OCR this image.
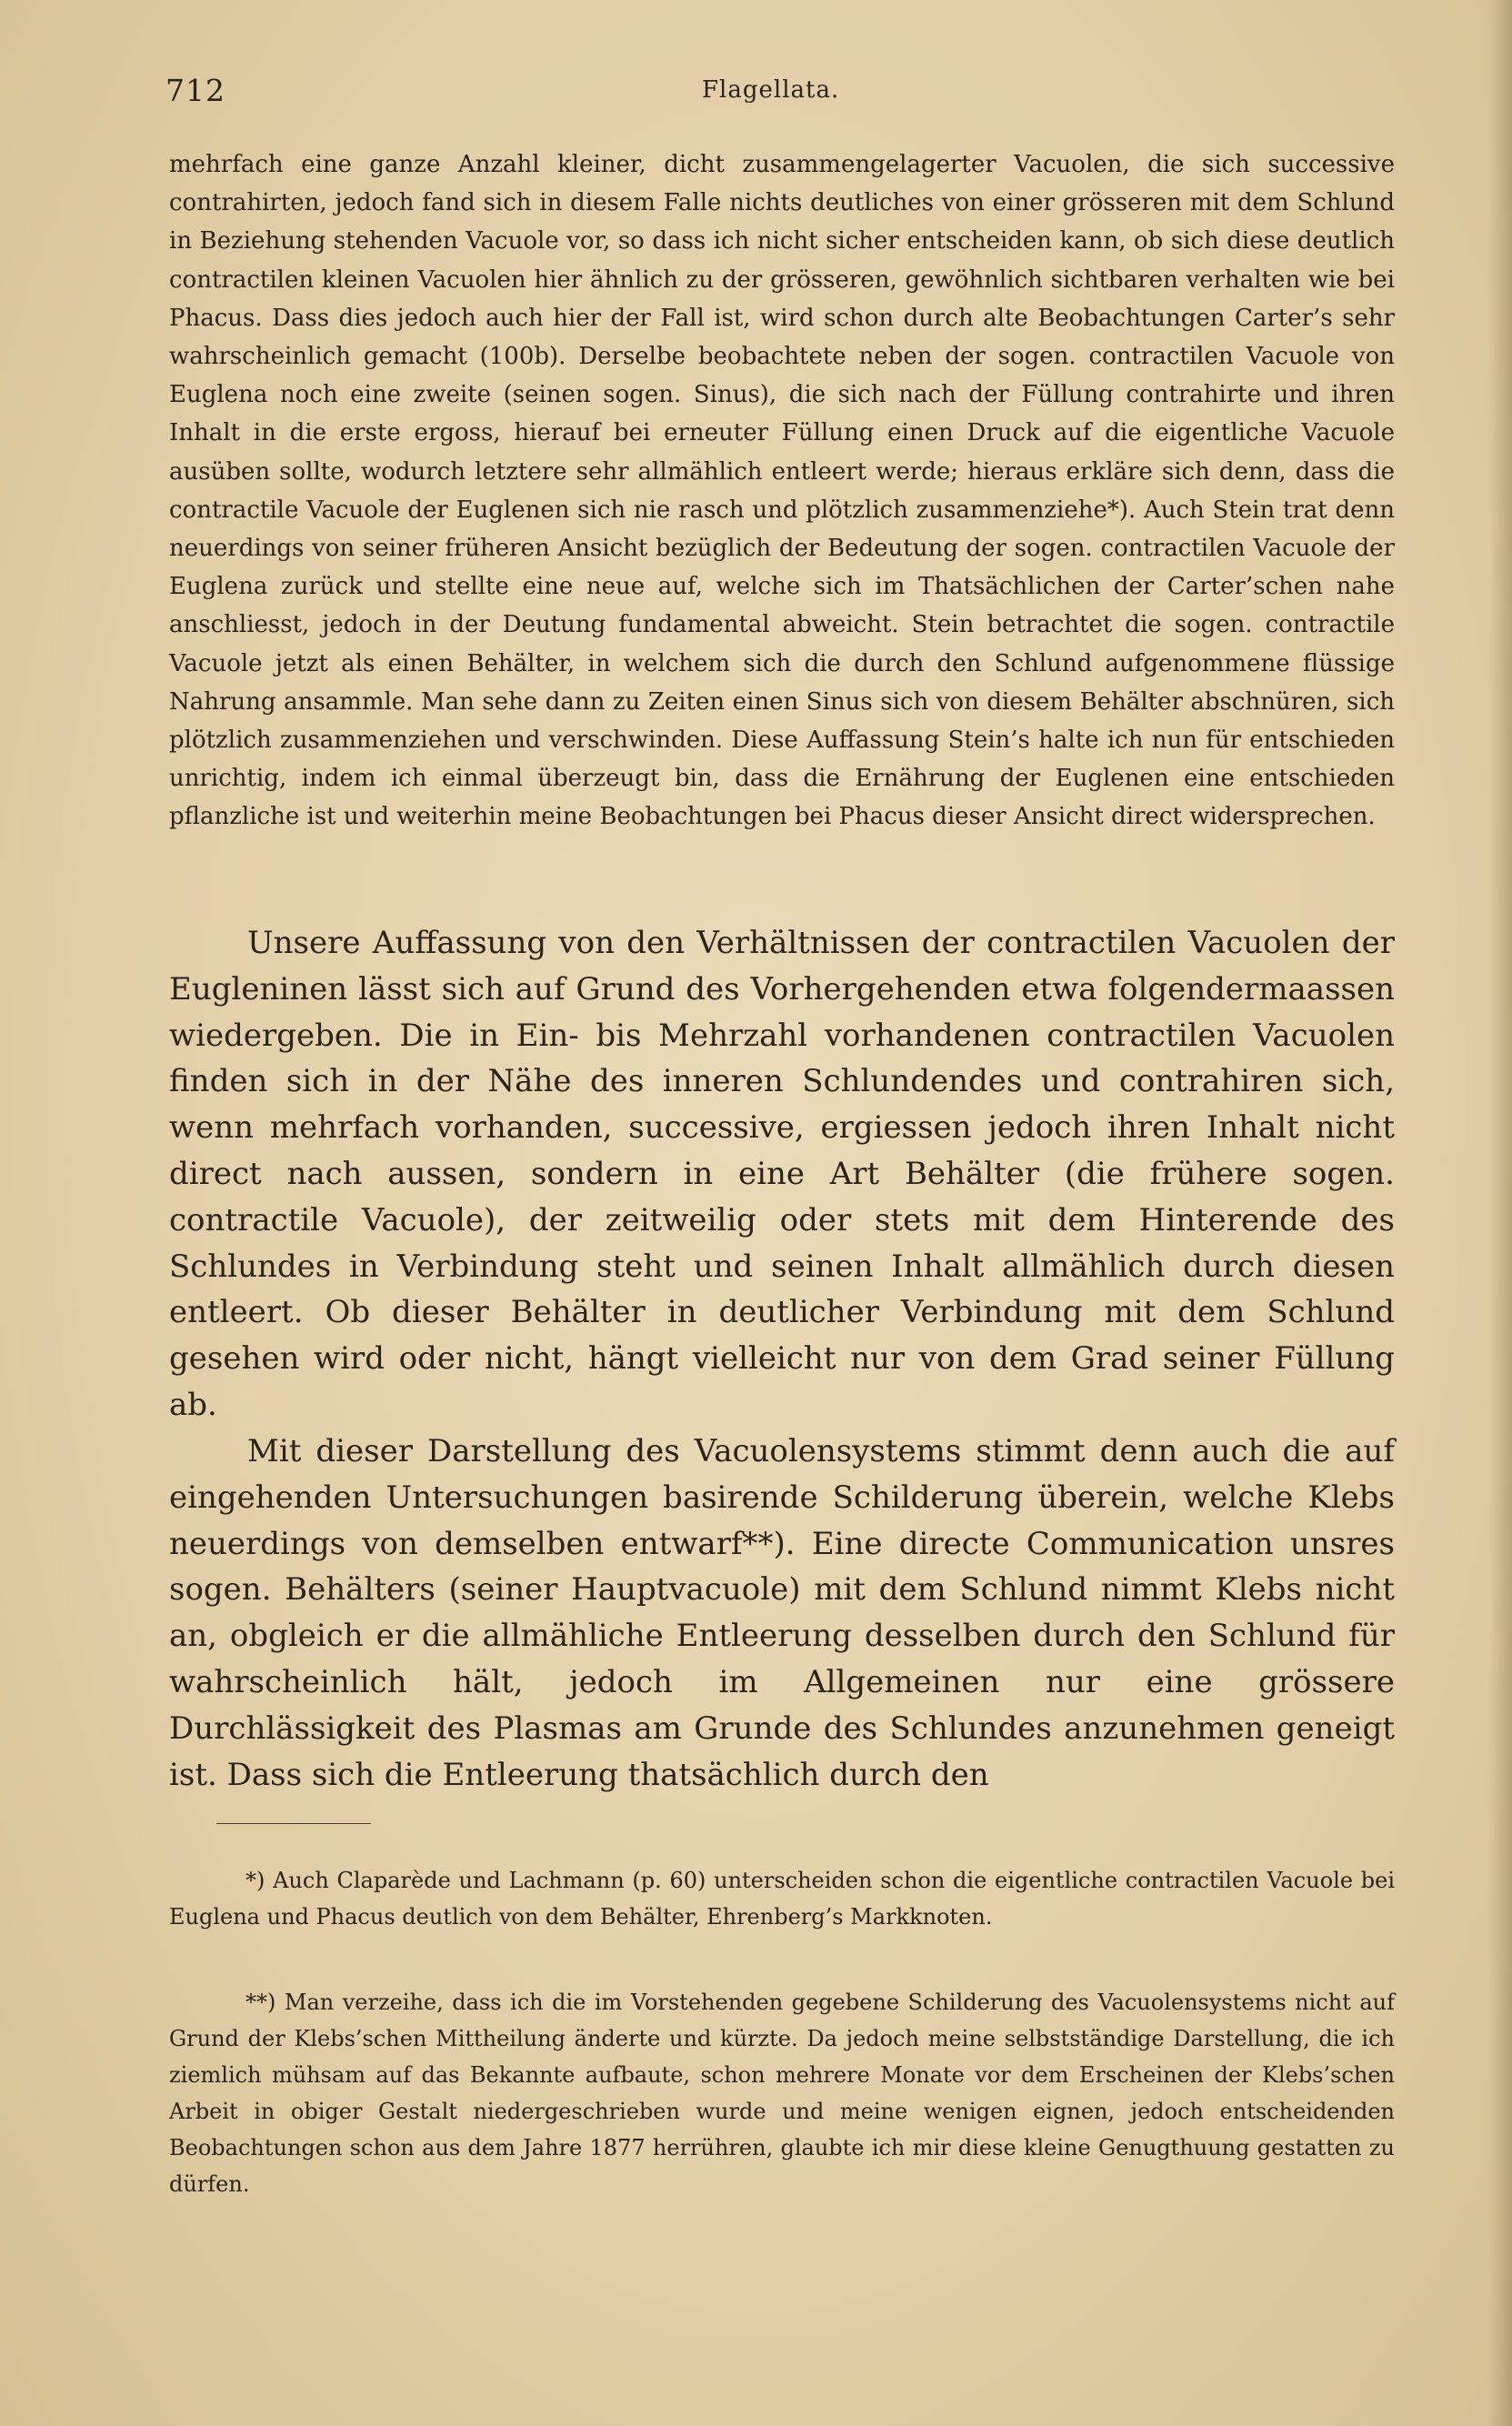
712	Flagellata.

mehrfach eine ganze Anzahl kleiner, dicht zusammengelagerter Vacuolen, die sich successive contrahirten, jedoch fand sich in diesem Falle nichts deutliches von einer grösseren mit dem Schlund in Beziehung stehenden Vacuole vor, so dass ich nicht sicher entscheiden kann, ob sich diese deutlich contractilen kleinen Vacuolen hier ähnlich zu der grösseren, gewöhnlich sichtbaren verhalten wie bei Phacus. Dass dies jedoch auch hier der Fall ist, wird schon durch alte Beobachtungen Carter’s sehr wahrscheinlich gemacht (100b). Derselbe beobachtete neben der sogen. contractilen Vacuole von Euglena noch eine zweite (seinen sogen. Sinus), die sich nach der Füllung contrahirte und ihren Inhalt in die erste ergoss, hierauf bei erneuter Füllung einen Druck auf die eigentliche Vacuole ausüben sollte, wodurch letztere sehr allmählich entleert werde; hieraus erkläre sich denn, dass die contractile Vacuole der Euglenen sich nie rasch und plötzlich zusammenziehe*). Auch Stein trat denn neuerdings von seiner früheren Ansicht bezüglich der Bedeutung der sogen. contractilen Vacuole der Euglena zurück und stellte eine neue auf, welche sich im Thatsächlichen der Carter’schen nahe anschliesst, jedoch in der Deutung fundamental abweicht. Stein betrachtet die sogen. contractile Vacuole jetzt als einen Behälter, in welchem sich die durch den Schlund aufgenommene flüssige Nahrung ansammle. Man sehe dann zu Zeiten einen Sinus sich von diesem Behälter abschnüren, sich plötzlich zusammenziehen und verschwinden. Diese Auffassung Stein’s halte ich nun für entschieden unrichtig, indem ich einmal überzeugt bin, dass die Ernährung der Euglenen eine entschieden pflanzliche ist und weiterhin meine Beobachtungen bei Phacus dieser Ansicht direct widersprechen.

Unsere Auffassung von den Verhältnissen der contractilen Vacuolen der Eugleninen lässt sich auf Grund des Vorhergehenden etwa folgendermaassen wiedergeben. Die in Ein- bis Mehrzahl vorhandenen contractilen Vacuolen finden sich in der Nähe des inneren Schlundendes und contrahiren sich, wenn mehrfach vorhanden, successive, ergiessen jedoch ihren Inhalt nicht direct nach aussen, sondern in eine Art Behälter (die frühere sogen. contractile Vacuole), der zeitweilig oder stets mit dem Hinterende des Schlundes in Verbindung steht und seinen Inhalt allmählich durch diesen entleert. Ob dieser Behälter in deutlicher Verbindung mit dem Schlund gesehen wird oder nicht, hängt vielleicht nur von dem Grad seiner Füllung ab.

Mit dieser Darstellung des Vacuolensystems stimmt denn auch die auf eingehenden Untersuchungen basirende Schilderung überein, welche Klebs neuerdings von demselben entwarf**). Eine directe Communication unsres sogen. Behälters (seiner Hauptvacuole) mit dem Schlund nimmt Klebs nicht an, obgleich er die allmähliche Entleerung desselben durch den Schlund für wahrscheinlich hält, jedoch im Allgemeinen nur eine grössere Durchlässigkeit des Plasmas am Grunde des Schlundes anzunehmen geneigt ist. Dass sich die Entleerung thatsächlich durch den

*) Auch Claparède und Lachmann (p. 60) unterscheiden schon die eigentliche contractilen Vacuole bei Euglena und Phacus deutlich von dem Behälter, Ehrenberg’s Markknoten.

**) Man verzeihe, dass ich die im Vorstehenden gegebene Schilderung des Vacuolensystems nicht auf Grund der Klebs’schen Mittheilung änderte und kürzte. Da jedoch meine selbstständige Darstellung, die ich ziemlich mühsam auf das Bekannte aufbaute, schon mehrere Monate vor dem Erscheinen der Klebs’schen Arbeit in obiger Gestalt niedergeschrieben wurde und meine wenigen eignen, jedoch entscheidenden Beobachtungen schon aus dem Jahre 1877 herrühren, glaubte ich mir diese kleine Genugthuung gestatten zu dürfen.
